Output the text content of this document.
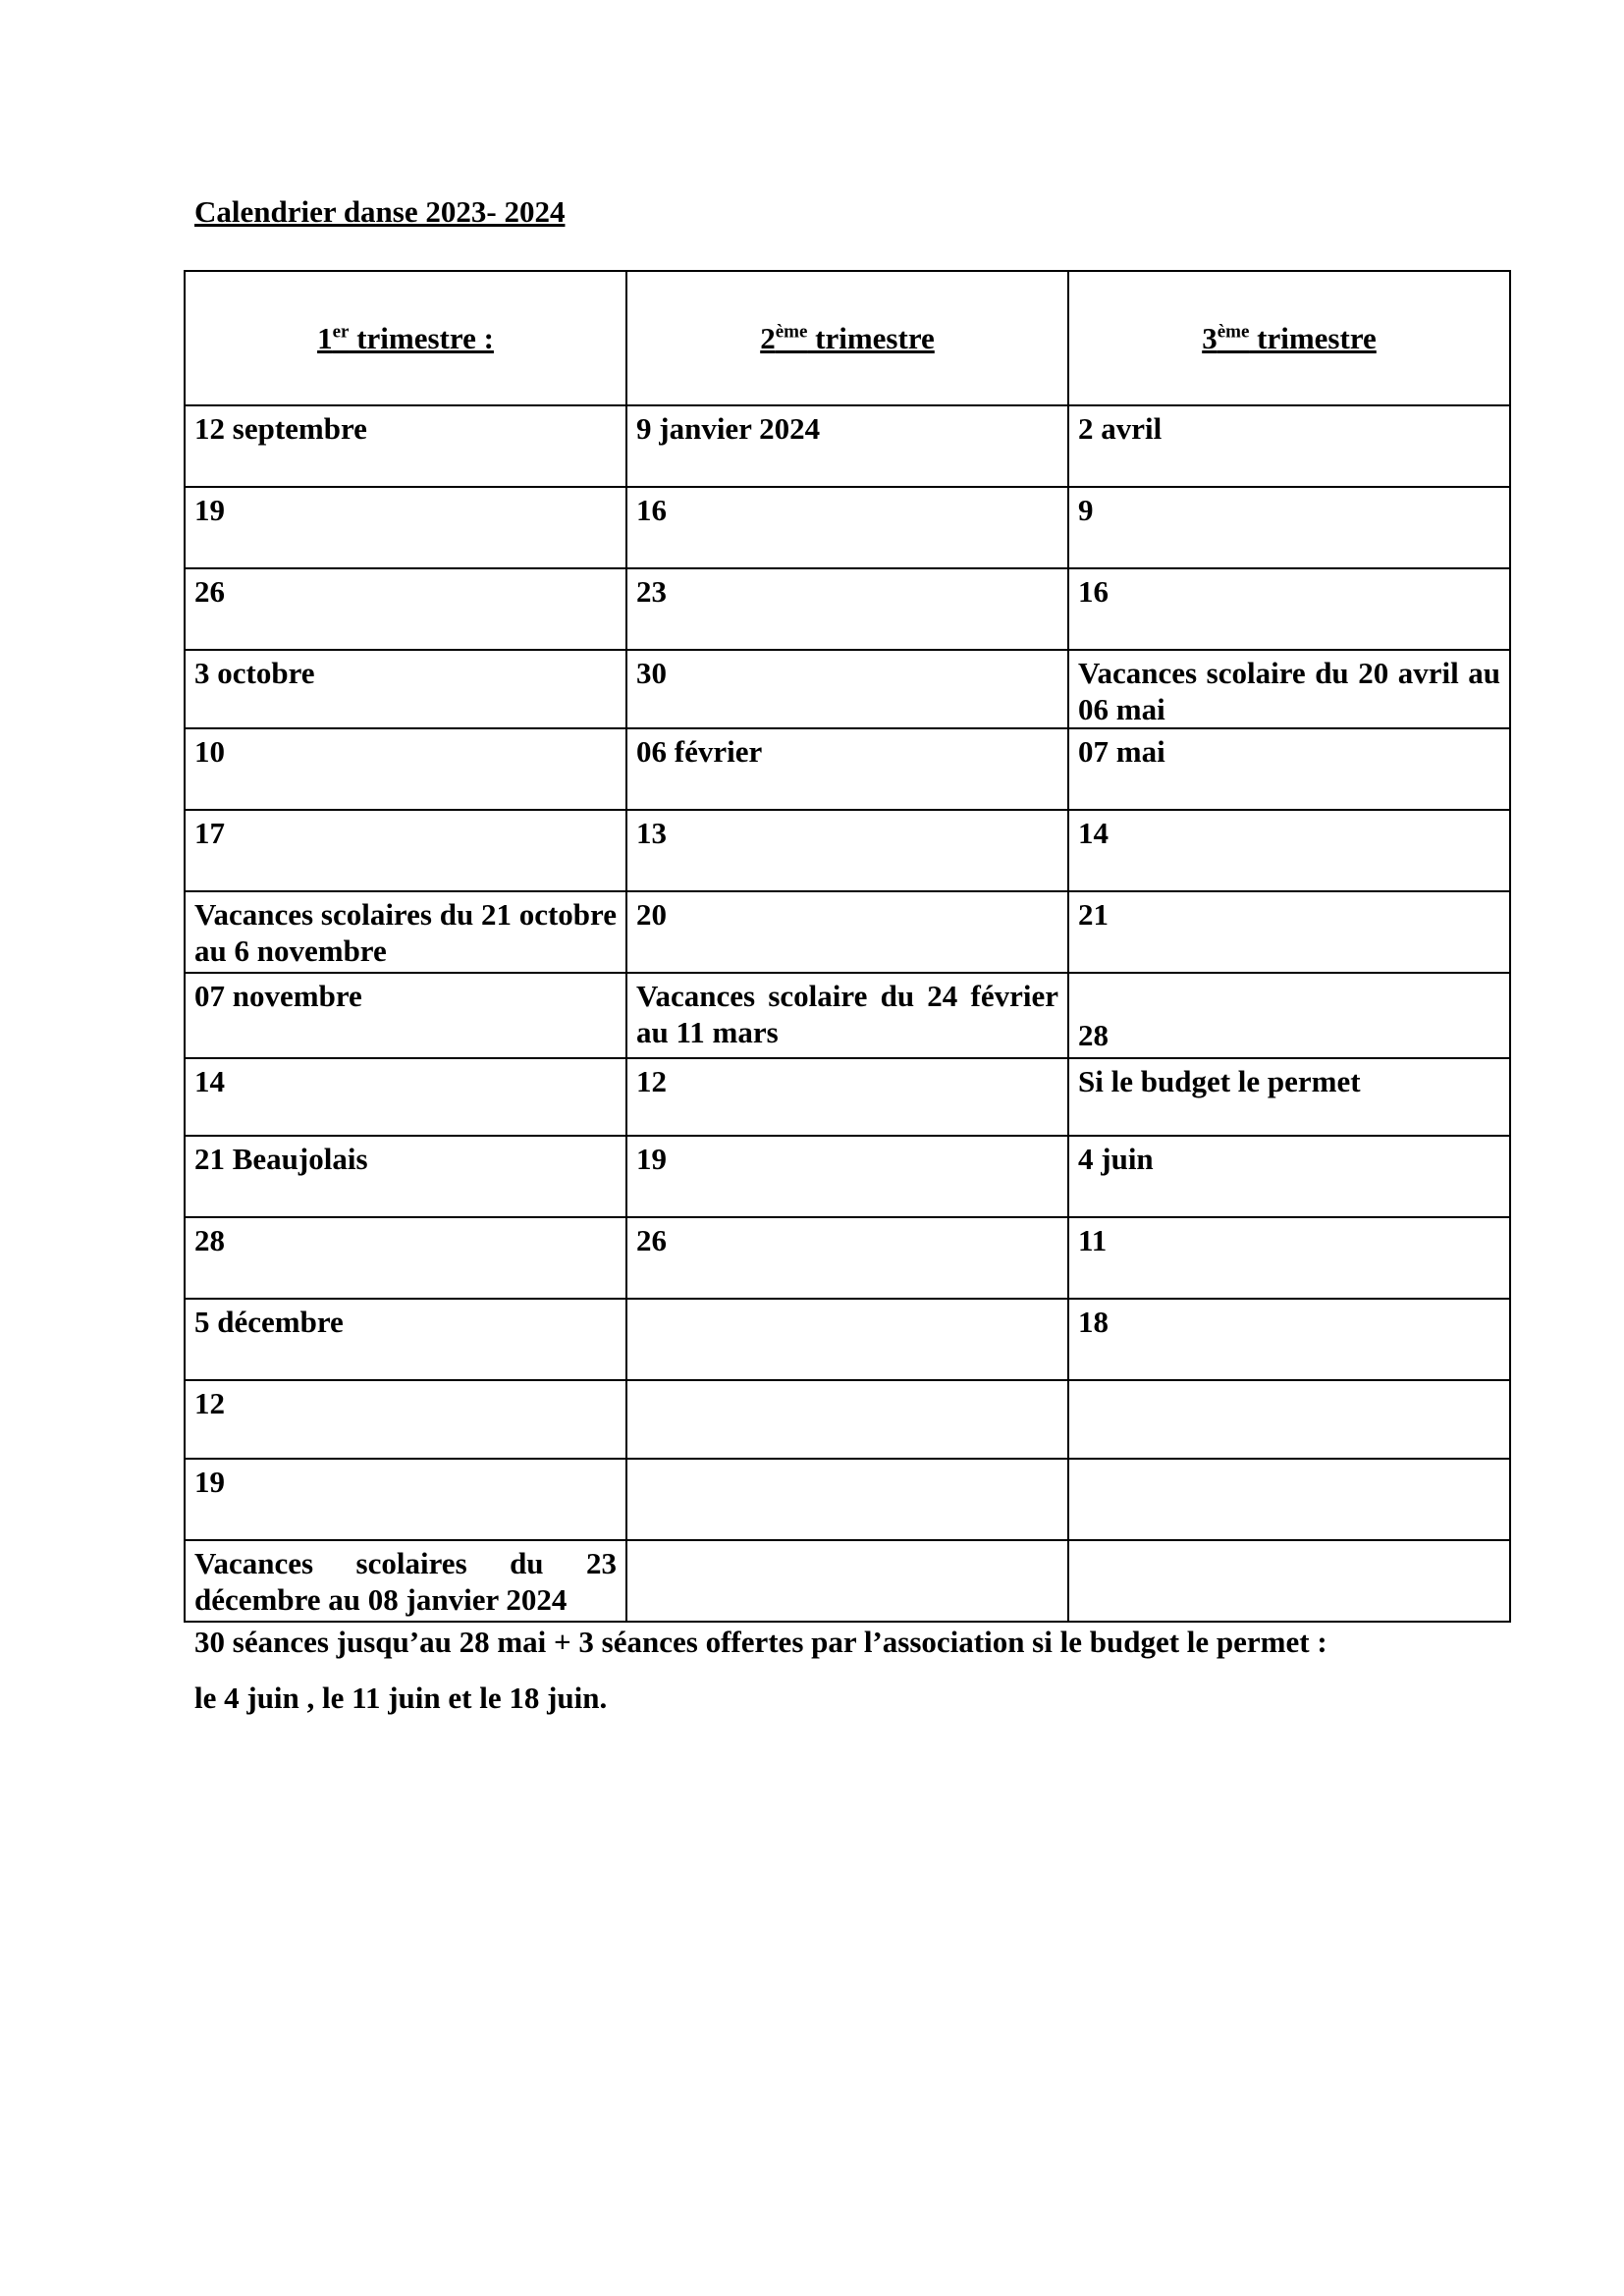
Calendrier danse 2023- 2024
1er trimestre :	2ème trimestre	3ème trimestre
12 septembre	9 janvier 2024	2 avril
19	16	9
26	23	16
3 octobre	30	Vacances scolaire du 20 avril au 06 mai
10	06 février	07 mai
17	13	14
Vacances scolaires du 21 octobre au 6 novembre	20	21
07 novembre	Vacances scolaire du 24 février au 11 mars	28
14	12	Si le budget le permet
21 Beaujolais	19	4 juin
28	26	11
5 décembre		18
12		
19		
Vacances scolaires du 23 décembre au 08 janvier 2024		

30 séances jusqu’au 28 mai + 3 séances offertes par l’association si le budget le permet :

le 4 juin , le 11 juin et le 18 juin.
